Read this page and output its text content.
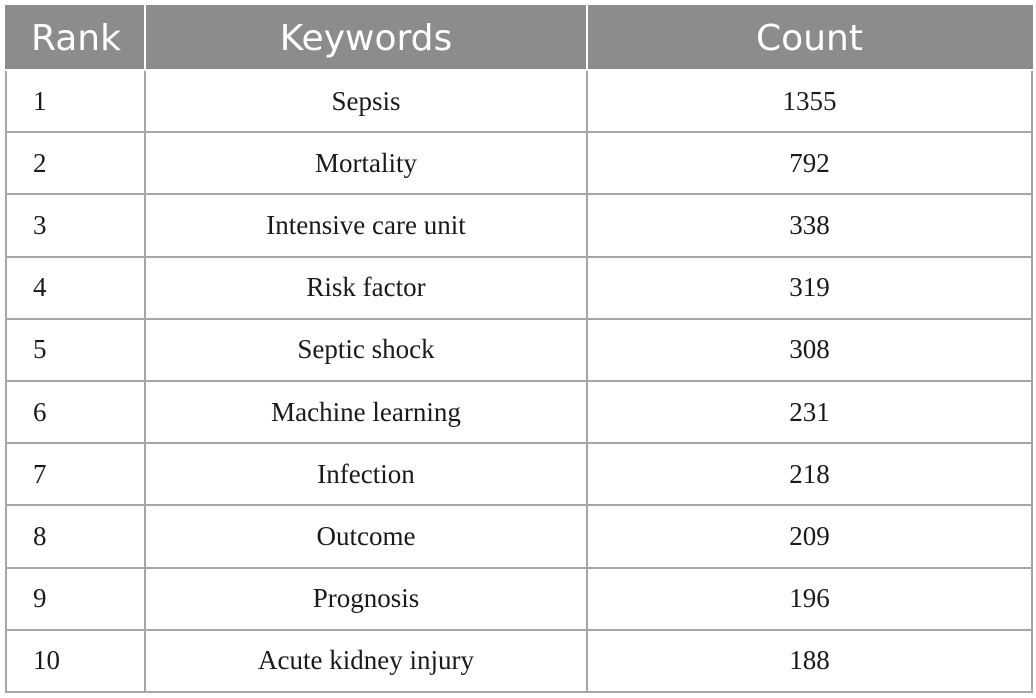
Rank	Keywords	Count
1	Sepsis	1355
2	Mortality	792
3	Intensive care unit	338
4	Risk factor	319
5	Septic shock	308
6	Machine learning	231
7	Infection	218
8	Outcome	209
9	Prognosis	196
10	Acute kidney injury	188
